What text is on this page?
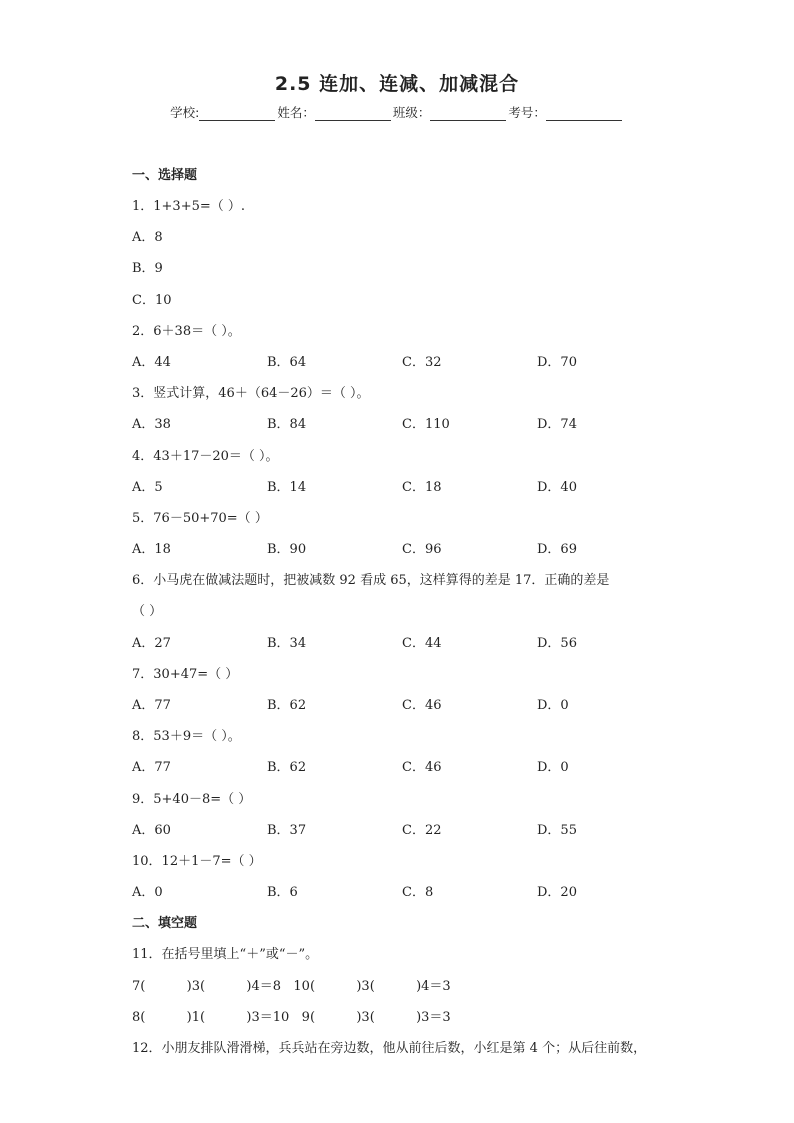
2.5 连加、连减、加减混合
学校:	姓名：	班级：	考号：
一、选择题
1．1+3+5=（ ）.
A．8
B．9
C．10
2．6＋38＝（ ）。
A．44	B．64	C．32	D．70
3．竖式计算，46＋（64－26）＝（ ）。
A．38	B．84	C．110	D．74
4．43＋17－20＝（ ）。
A．5	B．14	C．18	D．40
5．76－50+70=（ ）
A．18	B．90	C．96	D．69
6．小马虎在做减法题时，把被减数 92 看成 65，这样算得的差是 17．正确的差是
（ ）
A．27	B．34	C．44	D．56
7．30+47=（ ）
A．77	B．62	C．46	D．0
8．53＋9＝（ ）。
A．77	B．62	C．46	D．0
9．5+40－8=（ ）
A．60	B．37	C．22	D．55
10．12＋1－7=（ ）
A．0	B．6	C．8	D．20
二、填空题
11．在括号里填上“＋”或“－”。
7(          )3(          )4＝8   10(          )3(          )4＝3
8(          )1(          )3＝10   9(          )3(          )3＝3
12．小朋友排队滑滑梯，兵兵站在旁边数，他从前往后数，小红是第 4 个；从后往前数，
